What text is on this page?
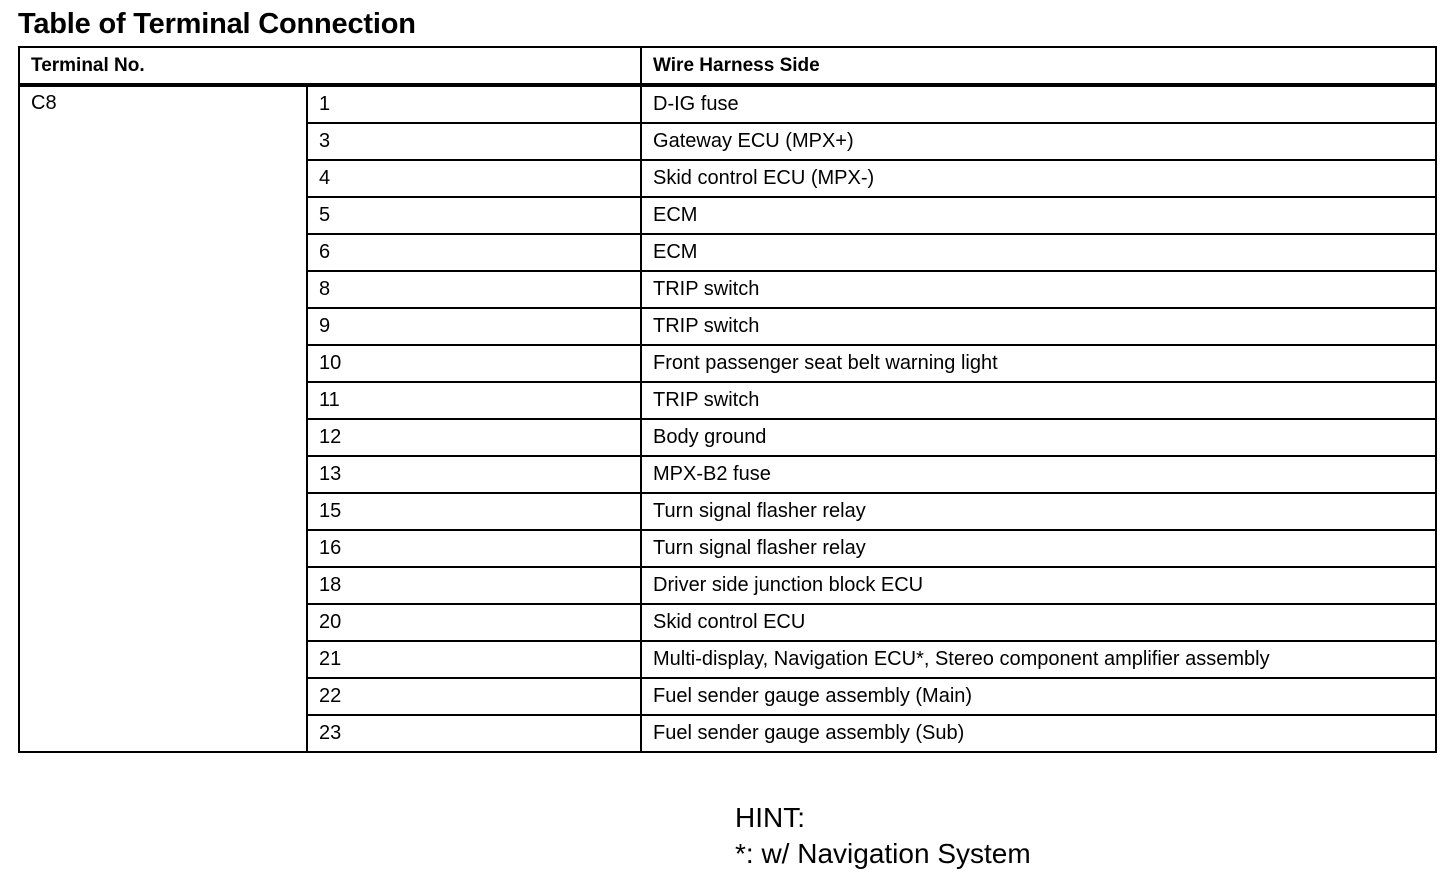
Table of Terminal Connection
Terminal No.		Wire Harness Side
C8	1	D-IG fuse
	3	Gateway ECU (MPX+)
	4	Skid control ECU (MPX-)
	5	ECM
	6	ECM
	8	TRIP switch
	9	TRIP switch
	10	Front passenger seat belt warning light
	11	TRIP switch
	12	Body ground
	13	MPX-B2 fuse
	15	Turn signal flasher relay
	16	Turn signal flasher relay
	18	Driver side junction block ECU
	20	Skid control ECU
	21	Multi-display, Navigation ECU*, Stereo component amplifier assembly
	22	Fuel sender gauge assembly (Main)
	23	Fuel sender gauge assembly (Sub)
HINT:
*: w/ Navigation System
